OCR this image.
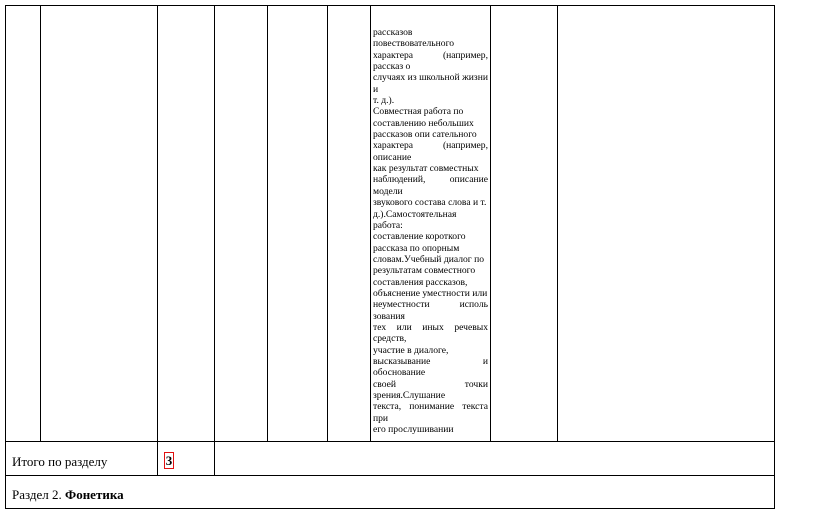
рассказов повествовательного
характера (например, рассказ о
случаях из школьной жизни и
т. д.).
Совместная работа по
составлению небольших
рассказов опи сательного
характера (например, описание
как результат совместных
наблюдений, описание модели
звукового состава слова и т.
д.).Самостоятельная работа:
составление короткого
рассказа по опорным
словам.Учебный диалог по
результатам совместного
составления рассказов,
объяснение уместности или
неуместности исполь зования
тех или иных речевых средств,
участие в диалоге,
высказывание и обоснование
своей точки зрения.Слушание
текста, понимание текста при
его прослушивании
Итого по разделу	3
Раздел 2. Фонетика
